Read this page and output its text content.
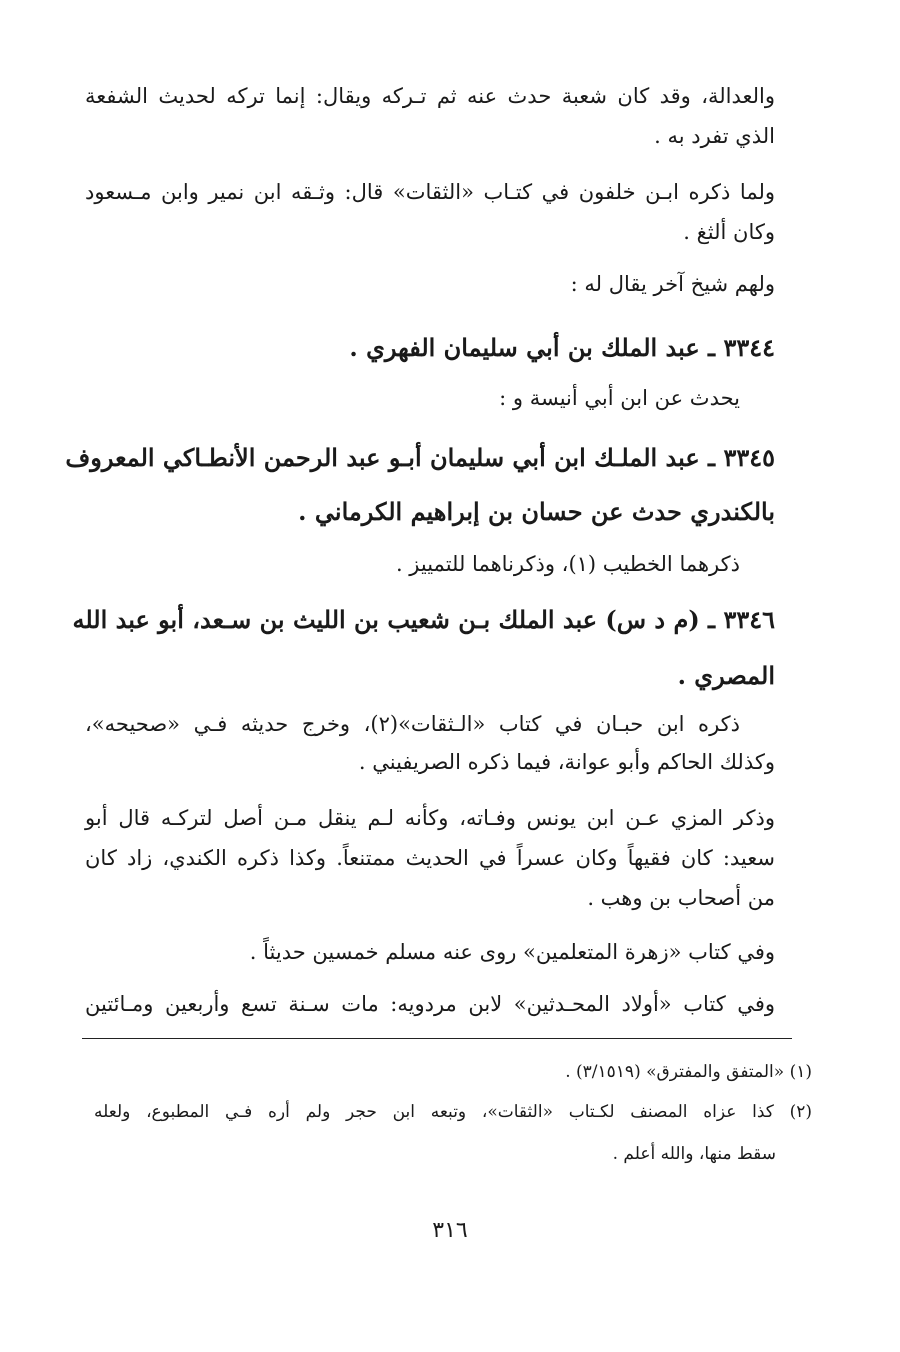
والعدالة، وقد كان شعبة حدث عنه ثم تـركه ويقال: إنما تركه لحديث الشفعة
الذي تفرد به .
ولما ذكره ابـن خلفون في كتـاب «الثقات» قال: وثـقه ابن نمير وابن مـسعود
وكان ألثغ .
ولهم شيخ آخر يقال له :
٣٣٤٤ ـ عبد الملك بن أبي سليمان الفهري .
يحدث عن ابن أبي أنيسة و :
٣٣٤٥ ـ عبد الملـك ابن أبي سليمان أبـو عبد الرحمن الأنطـاكي المعروف
بالكندري حدث عن حسان بن إبراهيم الكرماني .
ذكرهما الخطيب (١)، وذكرناهما للتمييز .
٣٣٤٦ ـ (م د س) عبد الملك بـن شعيب بن الليث بن سـعد، أبو عبد الله
المصري .
ذكره ابن حبـان في كتاب «الـثقات»(٢)، وخرج حديثه فـي «صحيحه»،
وكذلك الحاكم وأبو عوانة، فيما ذكره الصريفيني .
وذكر المزي عـن ابن يونس وفـاته، وكأنه لـم ينقل مـن أصل لتركـه قال أبو
سعيد: كان فقيهاً وكان عسراً في الحديث ممتنعاً. وكذا ذكره الكندي، زاد كان
من أصحاب بن وهب .
وفي كتاب «زهرة المتعلمين» روى عنه مسلم خمسين حديثاً .
وفي كتاب «أولاد المحـدثين» لابن مردويه: مات سـنة تسع وأربعين ومـائتين
(١) «المتفق والمفترق» (٣/١٥١٩) .
(٢) كذا عزاه المصنف لكـتاب «الثقات»، وتبعه ابن حجر ولم أره فـي المطبوع، ولعله
سقط منها، والله أعلم .
٣١٦
